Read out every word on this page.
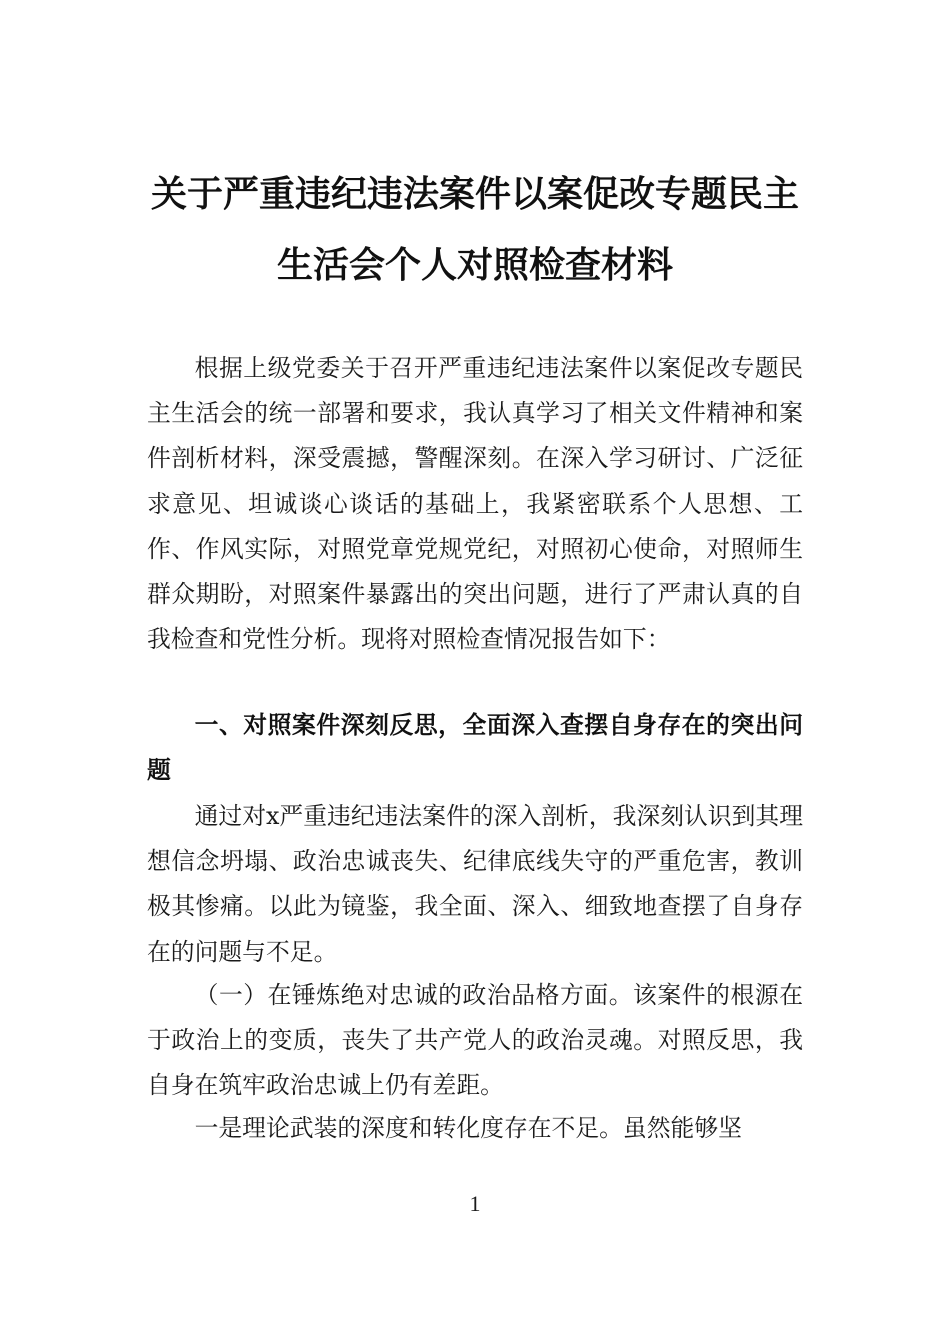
关于严重违纪违法案件以案促改专题民主
生活会个人对照检查材料
根据上级党委关于召开严重违纪违法案件以案促改专题民主生活会的统一部署和要求，我认真学习了相关文件精神和案件剖析材料，深受震撼，警醒深刻。在深入学习研讨、广泛征求意见、坦诚谈心谈话的基础上，我紧密联系个人思想、工作、作风实际，对照党章党规党纪，对照初心使命，对照师生群众期盼，对照案件暴露出的突出问题，进行了严肃认真的自我检查和党性分析。现将对照检查情况报告如下：
一、对照案件深刻反思，全面深入查摆自身存在的突出问题
通过对x严重违纪违法案件的深入剖析，我深刻认识到其理想信念坍塌、政治忠诚丧失、纪律底线失守的严重危害，教训极其惨痛。以此为镜鉴，我全面、深入、细致地查摆了自身存在的问题与不足。
（一）在锤炼绝对忠诚的政治品格方面。该案件的根源在于政治上的变质，丧失了共产党人的政治灵魂。对照反思，我自身在筑牢政治忠诚上仍有差距。
一是理论武装的深度和转化度存在不足。虽然能够坚
1
